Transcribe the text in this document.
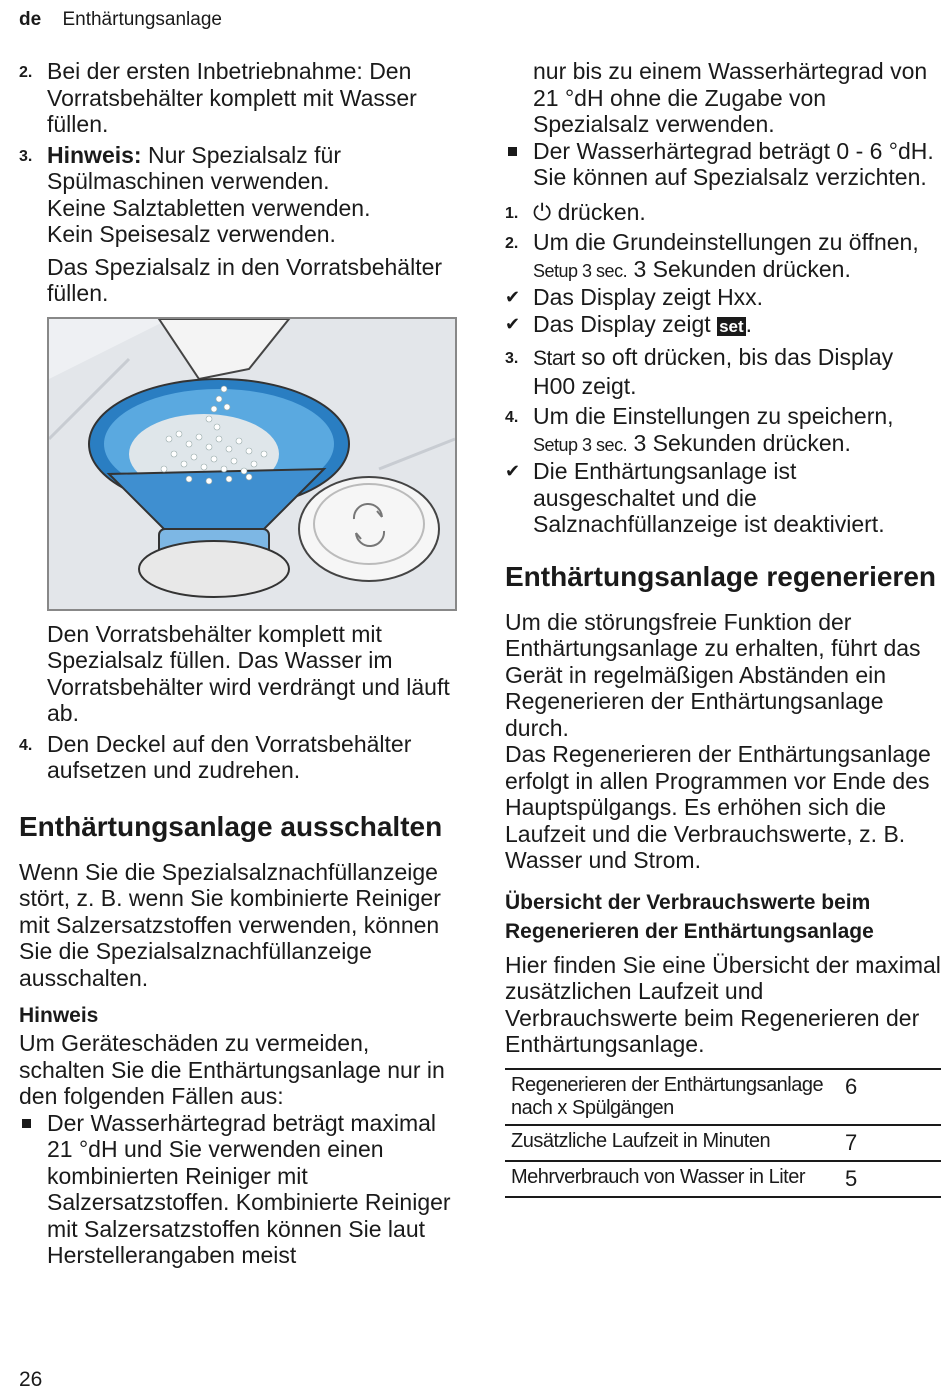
de Enthärtungsanlage
2. Bei der ersten Inbetriebnahme: Den Vorratsbehälter komplett mit Wasser füllen.
3. Hinweis: Nur Spezialsalz für Spülmaschinen verwenden.
Keine Salztabletten verwenden.
Kein Speisesalz verwenden.
Das Spezialsalz in den Vorratsbehälter füllen.
Den Vorratsbehälter komplett mit Spezialsalz füllen. Das Wasser im Vorratsbehälter wird verdrängt und läuft ab.
4. Den Deckel auf den Vorratsbehälter aufsetzen und zudrehen.
Enthärtungsanlage ausschalten

Wenn Sie die Spezialsalznachfüllanzeige stört, z. B. wenn Sie kombinierte Reiniger mit Salzersatzstoffen verwenden, können Sie die Spezialsalznachfüllanzeige ausschalten.

Hinweis

Um Geräteschäden zu vermeiden, schalten Sie die Enthärtungsanlage nur in den folgenden Fällen aus:

Der Wasserhärtegrad beträgt maximal 21 °dH und Sie verwenden einen kombinierten Reiniger mit Salzersatzstoffen. Kombinierte Reiniger mit Salzersatzstoffen können Sie laut Herstellerangaben meist
nur bis zu einem Wasserhärtegrad von 21 °dH ohne die Zugabe von Spezialsalz verwenden.
Der Wasserhärtegrad beträgt 0 - 6 °dH. Sie können auf Spezialsalz verzichten.
1. ⏻ drücken.
2. Um die Grundeinstellungen zu öffnen, Setup 3 sec. 3 Sekunden drücken.
✔ Das Display zeigt Hxx.
✔ Das Display zeigt set.
3. Start so oft drücken, bis das Display H00 zeigt.
4. Um die Einstellungen zu speichern, Setup 3 sec. 3 Sekunden drücken.
✔ Die Enthärtungsanlage ist ausgeschaltet und die Salznachfüllanzeige ist deaktiviert.
Enthärtungsanlage regenerieren

Um die störungsfreie Funktion der Enthärtungsanlage zu erhalten, führt das Gerät in regelmäßigen Abständen ein Regenerieren der Enthärtungsanlage durch.

Das Regenerieren der Enthärtungsanlage erfolgt in allen Programmen vor Ende des Hauptspülgangs. Es erhöhen sich die Laufzeit und die Verbrauchswerte, z. B. Wasser und Strom.

Übersicht der Verbrauchswerte beim Regenerieren der Enthärtungsanlage

Hier finden Sie eine Übersicht der maximal zusätzlichen Laufzeit und Verbrauchswerte beim Regenerieren der Enthärtungsanlage.

Regenerieren der Enthärtungsanlage nach x Spülgängen	6
Zusätzliche Laufzeit in Minuten	7
Mehrverbrauch von Wasser in Liter	5
26
